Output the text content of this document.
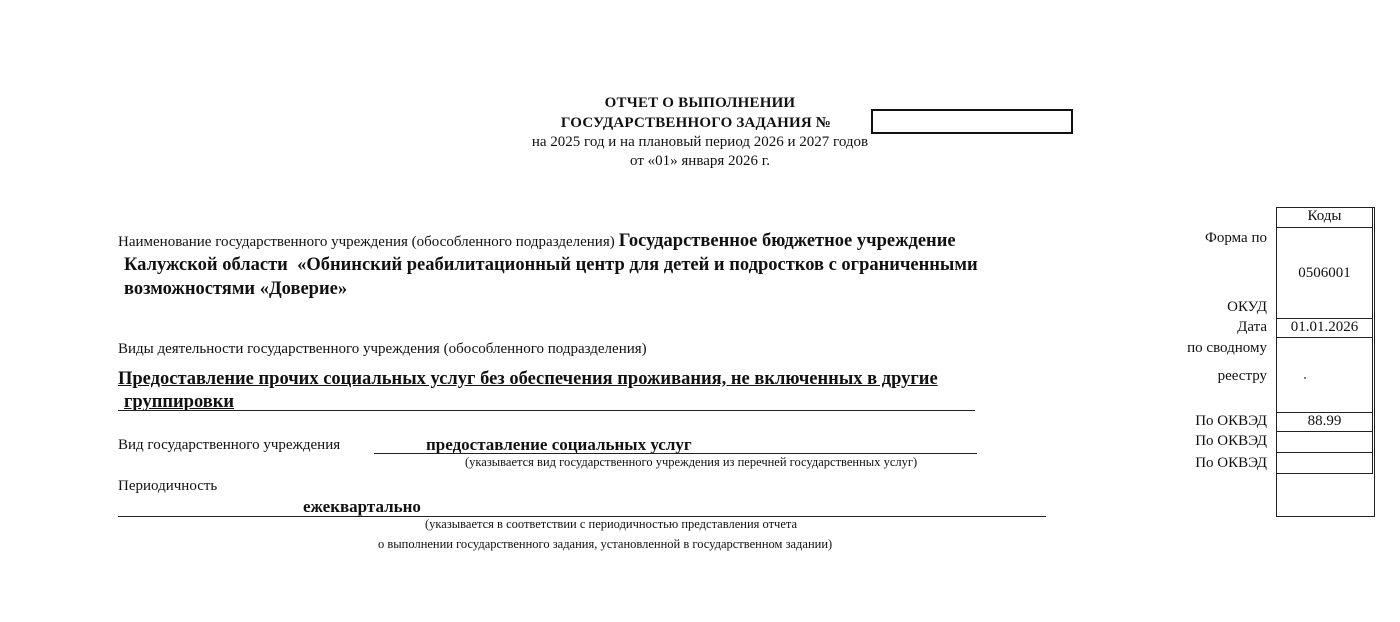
ОТЧЕТ О ВЫПОЛНЕНИИ
ГОСУДАРСТВЕННОГО ЗАДАНИЯ №
на 2025 год и на плановый период 2026 и 2027 годов
от «01» января 2026 г.
Наименование государственного учреждения (обособленного подразделения) Государственное бюджетное учреждение
Калужской области  «Обнинский реабилитационный центр для детей и подростков с ограниченными
возможностями «Доверие»
Виды деятельности государственного учреждения (обособленного подразделения)
Предоставление прочих социальных услуг без обеспечения проживания, не включенных в другие
группировки
Вид государственного учреждения	предоставление социальных услуг
(указывается вид государственного учреждения из перечней государственных услуг)
Периодичность
ежеквартально
(указывается в соответствии с периодичностью представления отчета
о выполнении государственного задания, установленной в государственном задании)
Коды
0506001
01.01.2026
88.99
Форма по
ОКУД
Дата
по сводному
реестру
По ОКВЭД
По ОКВЭД
По ОКВЭД
